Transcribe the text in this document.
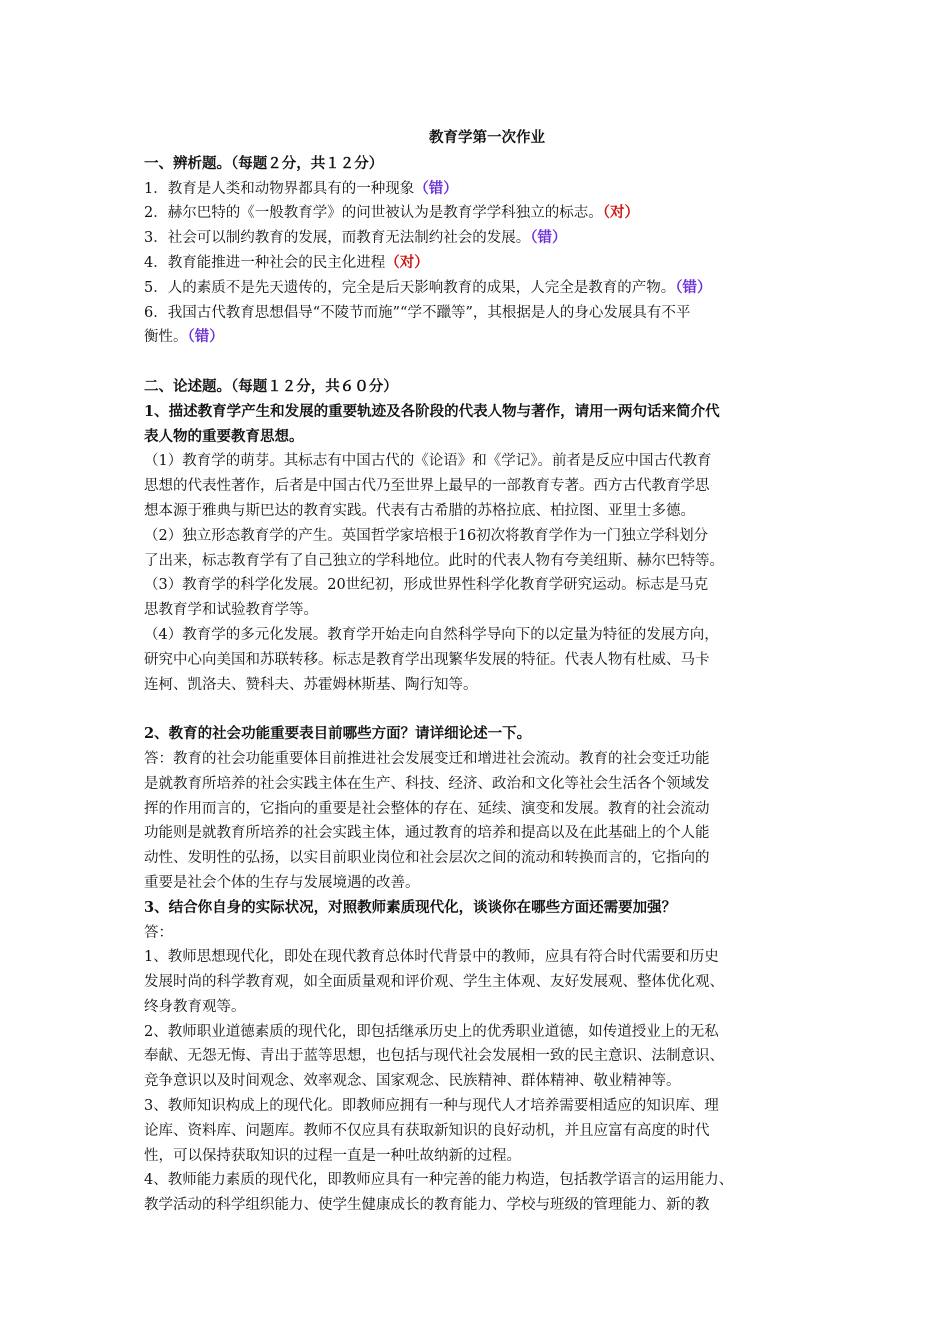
教育学第一次作业
一、辨析题。（每题２分，共１２分）
1．教育是人类和动物界都具有的一种现象（错）
2．赫尔巴特的《一般教育学》的问世被认为是教育学学科独立的标志。（对）
3．社会可以制约教育的发展，而教育无法制约社会的发展。（错）
4．教育能推进一种社会的民主化进程（对）
5．人的素质不是先天遗传的，完全是后天影响教育的成果，人完全是教育的产物。（错）
6．我国古代教育思想倡导“不陵节而施”“学不躐等”，其根据是人的身心发展具有不平
衡性。（错）
二、论述题。（每题１２分，共６０分）
1、描述教育学产生和发展的重要轨迹及各阶段的代表人物与著作，请用一两句话来简介代
表人物的重要教育思想。
（1）教育学的萌芽。其标志有中国古代的《论语》和《学记》。前者是反应中国古代教育
思想的代表性著作，后者是中国古代乃至世界上最早的一部教育专著。西方古代教育学思
想本源于雅典与斯巴达的教育实践。代表有古希腊的苏格拉底、柏拉图、亚里士多德。
（2）独立形态教育学的产生。英国哲学家培根于16初次将教育学作为一门独立学科划分
了出来，标志教育学有了自己独立的学科地位。此时的代表人物有夸美纽斯、赫尔巴特等。
（3）教育学的科学化发展。20世纪初，形成世界性科学化教育学研究运动。标志是马克
思教育学和试验教育学等。
（4）教育学的多元化发展。教育学开始走向自然科学导向下的以定量为特征的发展方向，
研究中心向美国和苏联转移。标志是教育学出现繁华发展的特征。代表人物有杜威、马卡
连柯、凯洛夫、赞科夫、苏霍姆林斯基、陶行知等。
2、教育的社会功能重要表目前哪些方面？请详细论述一下。
答：教育的社会功能重要体目前推进社会发展变迁和增进社会流动。教育的社会变迁功能
是就教育所培养的社会实践主体在生产、科技、经济、政治和文化等社会生活各个领域发
挥的作用而言的，它指向的重要是社会整体的存在、延续、演变和发展。教育的社会流动
功能则是就教育所培养的社会实践主体，通过教育的培养和提高以及在此基础上的个人能
动性、发明性的弘扬，以实目前职业岗位和社会层次之间的流动和转换而言的，它指向的
重要是社会个体的生存与发展境遇的改善。
3、结合你自身的实际状况，对照教师素质现代化，谈谈你在哪些方面还需要加强？
答：
1、教师思想现代化，即处在现代教育总体时代背景中的教师，应具有符合时代需要和历史
发展时尚的科学教育观，如全面质量观和评价观、学生主体观、友好发展观、整体优化观、
终身教育观等。
2、教师职业道德素质的现代化，即包括继承历史上的优秀职业道德，如传道授业上的无私
奉献、无怨无悔、青出于蓝等思想，也包括与现代社会发展相一致的民主意识、法制意识、
竞争意识以及时间观念、效率观念、国家观念、民族精神、群体精神、敬业精神等。
3、教师知识构成上的现代化。即教师应拥有一种与现代人才培养需要相适应的知识库、理
论库、资料库、问题库。教师不仅应具有获取新知识的良好动机，并且应富有高度的时代
性，可以保持获取知识的过程一直是一种吐故纳新的过程。
4、教师能力素质的现代化，即教师应具有一种完善的能力构造，包括教学语言的运用能力、
教学活动的科学组织能力、使学生健康成长的教育能力、学校与班级的管理能力、新的教
